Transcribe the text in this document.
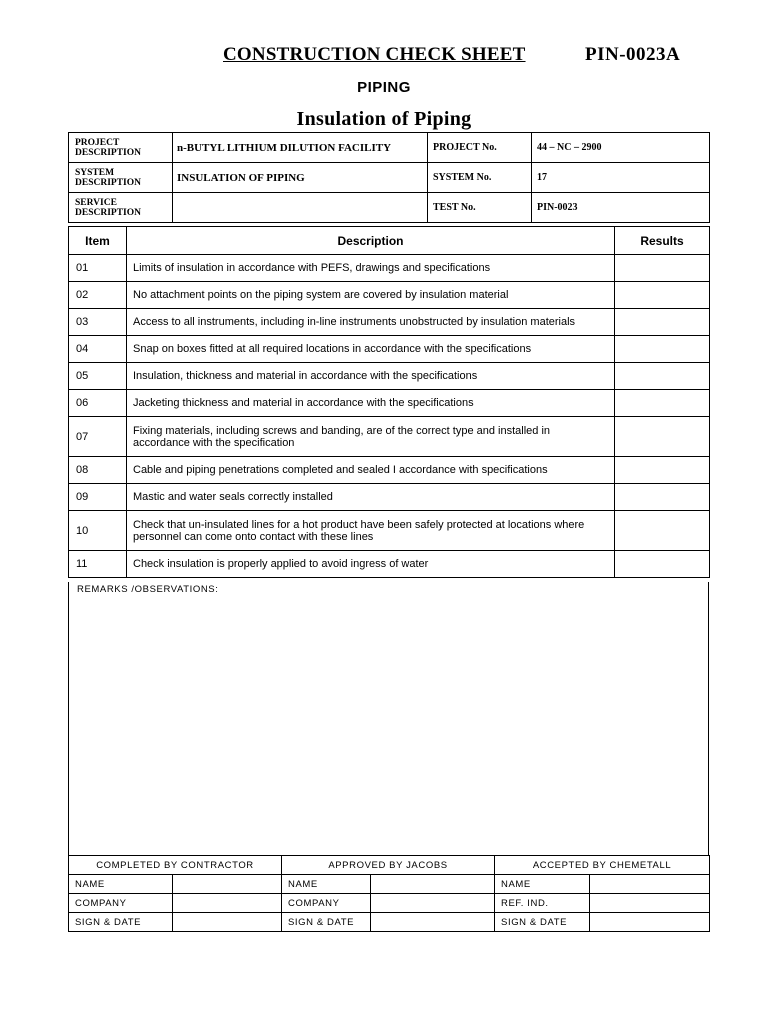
CONSTRUCTION CHECK SHEET	PIN-0023A
PIPING
Insulation of Piping
PROJECT DESCRIPTION	n-BUTYL LITHIUM DILUTION FACILITY	PROJECT No.	44 – NC – 2900
SYSTEM DESCRIPTION	INSULATION OF PIPING	SYSTEM No.	17
SERVICE DESCRIPTION		TEST No.	PIN-0023
Item	Description	Results
01	Limits of insulation in accordance with PEFS, drawings and specifications	
02	No attachment points on the piping system are covered by insulation material	
03	Access to all instruments, including in-line instruments unobstructed by insulation materials	
04	Snap on boxes fitted at all required locations in accordance with the specifications	
05	Insulation, thickness and material in accordance with the specifications	
06	Jacketing thickness and material in accordance with the specifications	
07	Fixing materials, including screws and banding, are of the correct type and installed in accordance with the specification	
08	Cable and piping penetrations completed and sealed I accordance with specifications	
09	Mastic and water seals correctly installed	
10	Check that un-insulated lines for a hot product have been safely protected at locations where personnel can come onto contact with these lines	
11	Check insulation is properly applied to avoid ingress of water	
REMARKS /OBSERVATIONS:
COMPLETED BY CONTRACTOR		APPROVED BY JACOBS		ACCEPTED BY CHEMETALL	
NAME		NAME		NAME	
COMPANY		COMPANY		REF. IND.	
SIGN & DATE		SIGN & DATE		SIGN & DATE	
